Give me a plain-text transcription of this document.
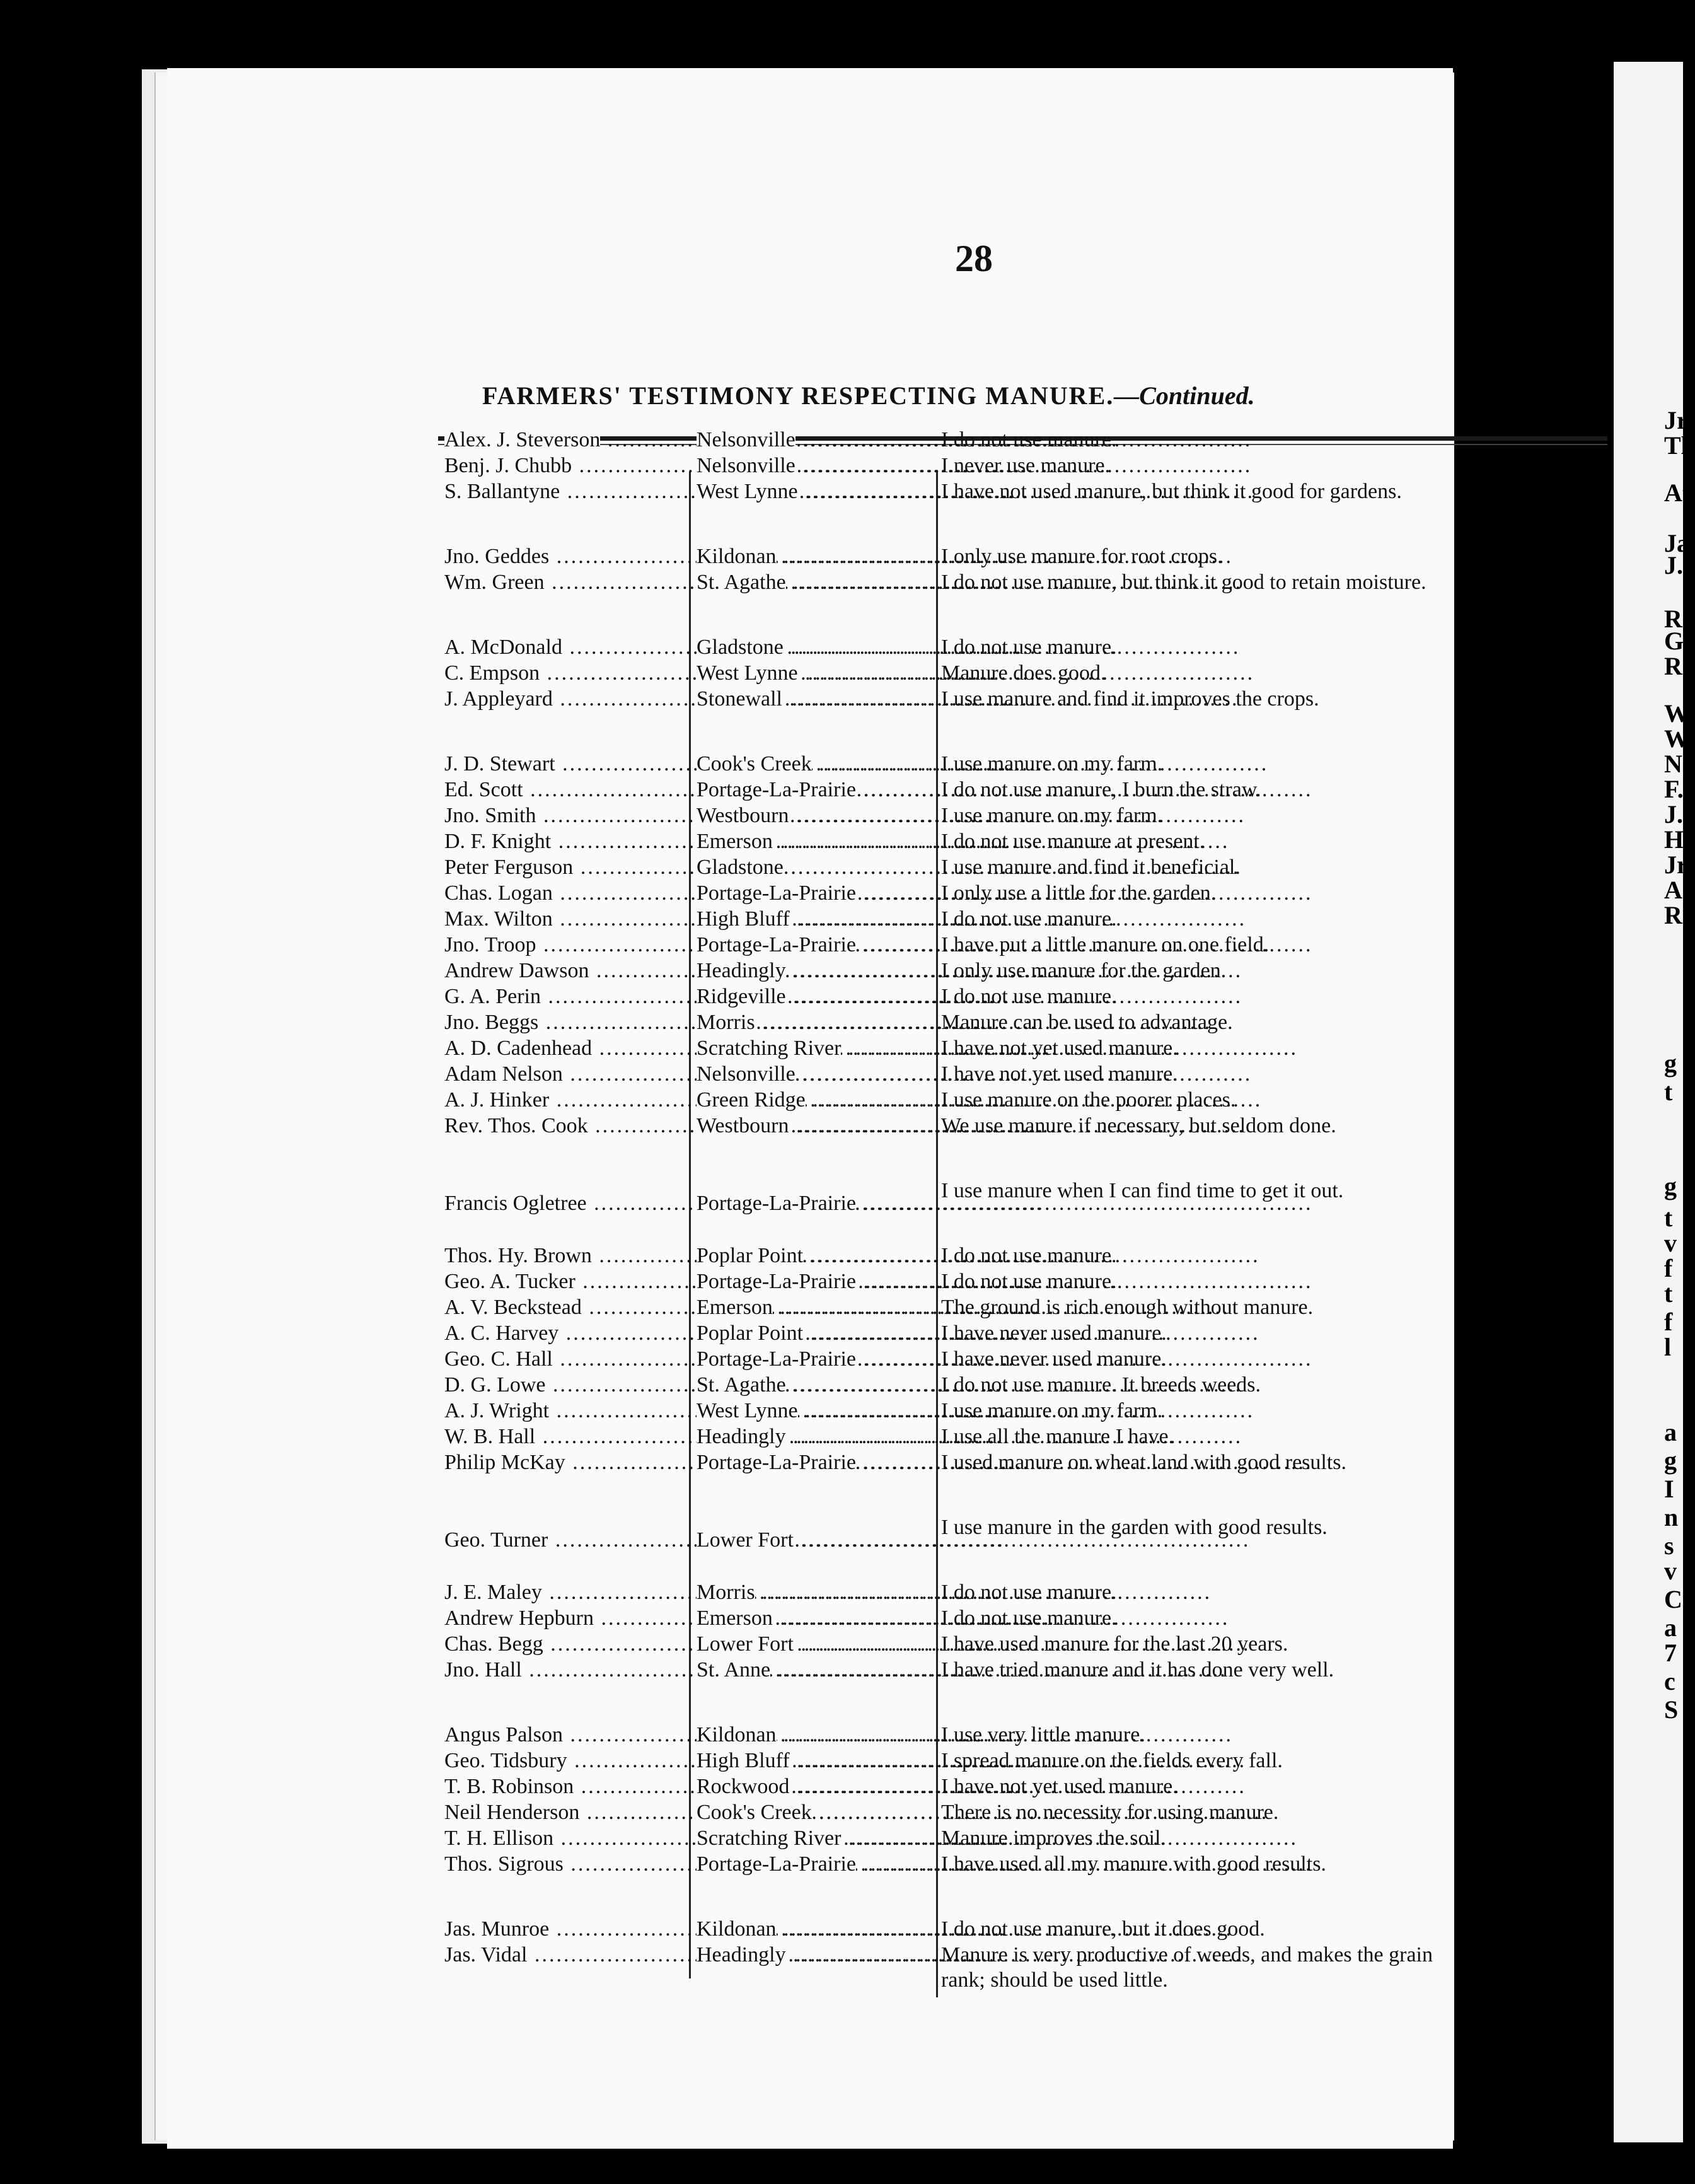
28
FARMERS' TESTIMONY RESPECTING MANURE.—Continued.
Alex. J. Steverson .....	Nelsonville .....	I do not use manure.
Benj. J. Chubb .....	Nelsonville .....	I never use manure.
S. Ballantyne .....	West Lynne .....	I have not used manure, but think it good for gardens.
Jno. Geddes .....	Kildonan .....	I only use manure for root crops.
Wm. Green .....	St. Agathe .....	I do not use manure, but think it good to retain moisture.
A. McDonald .....	Gladstone .....	I do not use manure.
C. Empson .....	West Lynne .....	Manure does good.
J. Appleyard .....	Stonewall .....	I use manure and find it improves the crops.
J. D. Stewart .....	Cook's Creek .....	I use manure on my farm.
Ed. Scott .....	Portage-La-Prairie .....	I do not use manure, I burn the straw.
Jno. Smith .....	Westbourn .....	I use manure on my farm.
D. F. Knight .....	Emerson .....	I do not use manure at present.
Peter Ferguson .....	Gladstone .....	I use manure and find it beneficial.
Chas. Logan .....	Portage-La-Prairie .....	I only use a little for the garden.
Max. Wilton .....	High Bluff .....	I do not use manure.
Jno. Troop .....	Portage-La-Prairie .....	I have put a little manure on one field.
Andrew Dawson .....	Headingly .....	I only use manure for the garden.
G. A. Perin .....	Ridgeville .....	I do not use manure.
Jno. Beggs .....	Morris .....	Manure can be used to advantage.
A. D. Cadenhead .....	Scratching River .....	I have not yet used manure.
Adam Nelson .....	Nelsonville .....	I have not yet used manure.
A. J. Hinker .....	Green Ridge .....	I use manure on the poorer places.
Rev. Thos. Cook .....	Westbourn .....	We use manure if necessary, but seldom done.
Francis Ogletree .....	Portage-La-Prairie .....
I use manure when I can find time to get it out.
Thos. Hy. Brown .....	Poplar Point .....	I do not use manure.
Geo. A. Tucker .....	Portage-La-Prairie .....	I do not use manure.
A. V. Beckstead .....	Emerson .....	The ground is rich enough without manure.
A. C. Harvey .....	Poplar Point .....	I have never used manure.
Geo. C. Hall .....	Portage-La-Prairie .....	I have never used manure.
D. G. Lowe .....	St. Agathe .....	I do not use manure. It breeds weeds.
A. J. Wright .....	West Lynne .....	I use manure on my farm.
W. B. Hall .....	Headingly .....	I use all the manure I have.
Philip McKay .....	Portage-La-Prairie .....	I used manure on wheat land with good results.
Geo. Turner .....	Lower Fort .....
I use manure in the garden with good results.
J. E. Maley .....	Morris .....	I do not use manure.
Andrew Hepburn .....	Emerson .....	I do not use manure.
Chas. Begg .....	Lower Fort .....	I have used manure for the last 20 years.
Jno. Hall .....	St. Anne .....	I have tried manure and it has done very well.
Angus Palson .....	Kildonan .....	I use very little manure.
Geo. Tidsbury .....	High Bluff .....	I spread manure on the fields every fall.
T. B. Robinson .....	Rockwood .....	I have not yet used manure.
Neil Henderson .....	Cook's Creek .....	There is no necessity for using manure.
T. H. Ellison .....	Scratching River .....	Manure improves the soil.
Thos. Sigrous .....	Portage-La-Prairie .....	I have used all my manure with good results.
Jas. Munroe .....	Kildonan .....	I do not use manure, but it does good.
Jas. Vidal .....	Headingly .....	Manure is very productive of weeds, and makes the grain rank; should be used little.
Jr
Tl
At
Ja
J.
R.
Gi
Ro
W
W
N
F.
J.
H
Jr
A
R
g
t
g
t
v
f
t
f
l
a
g
I
n
s
v
C
a
7
c
S
